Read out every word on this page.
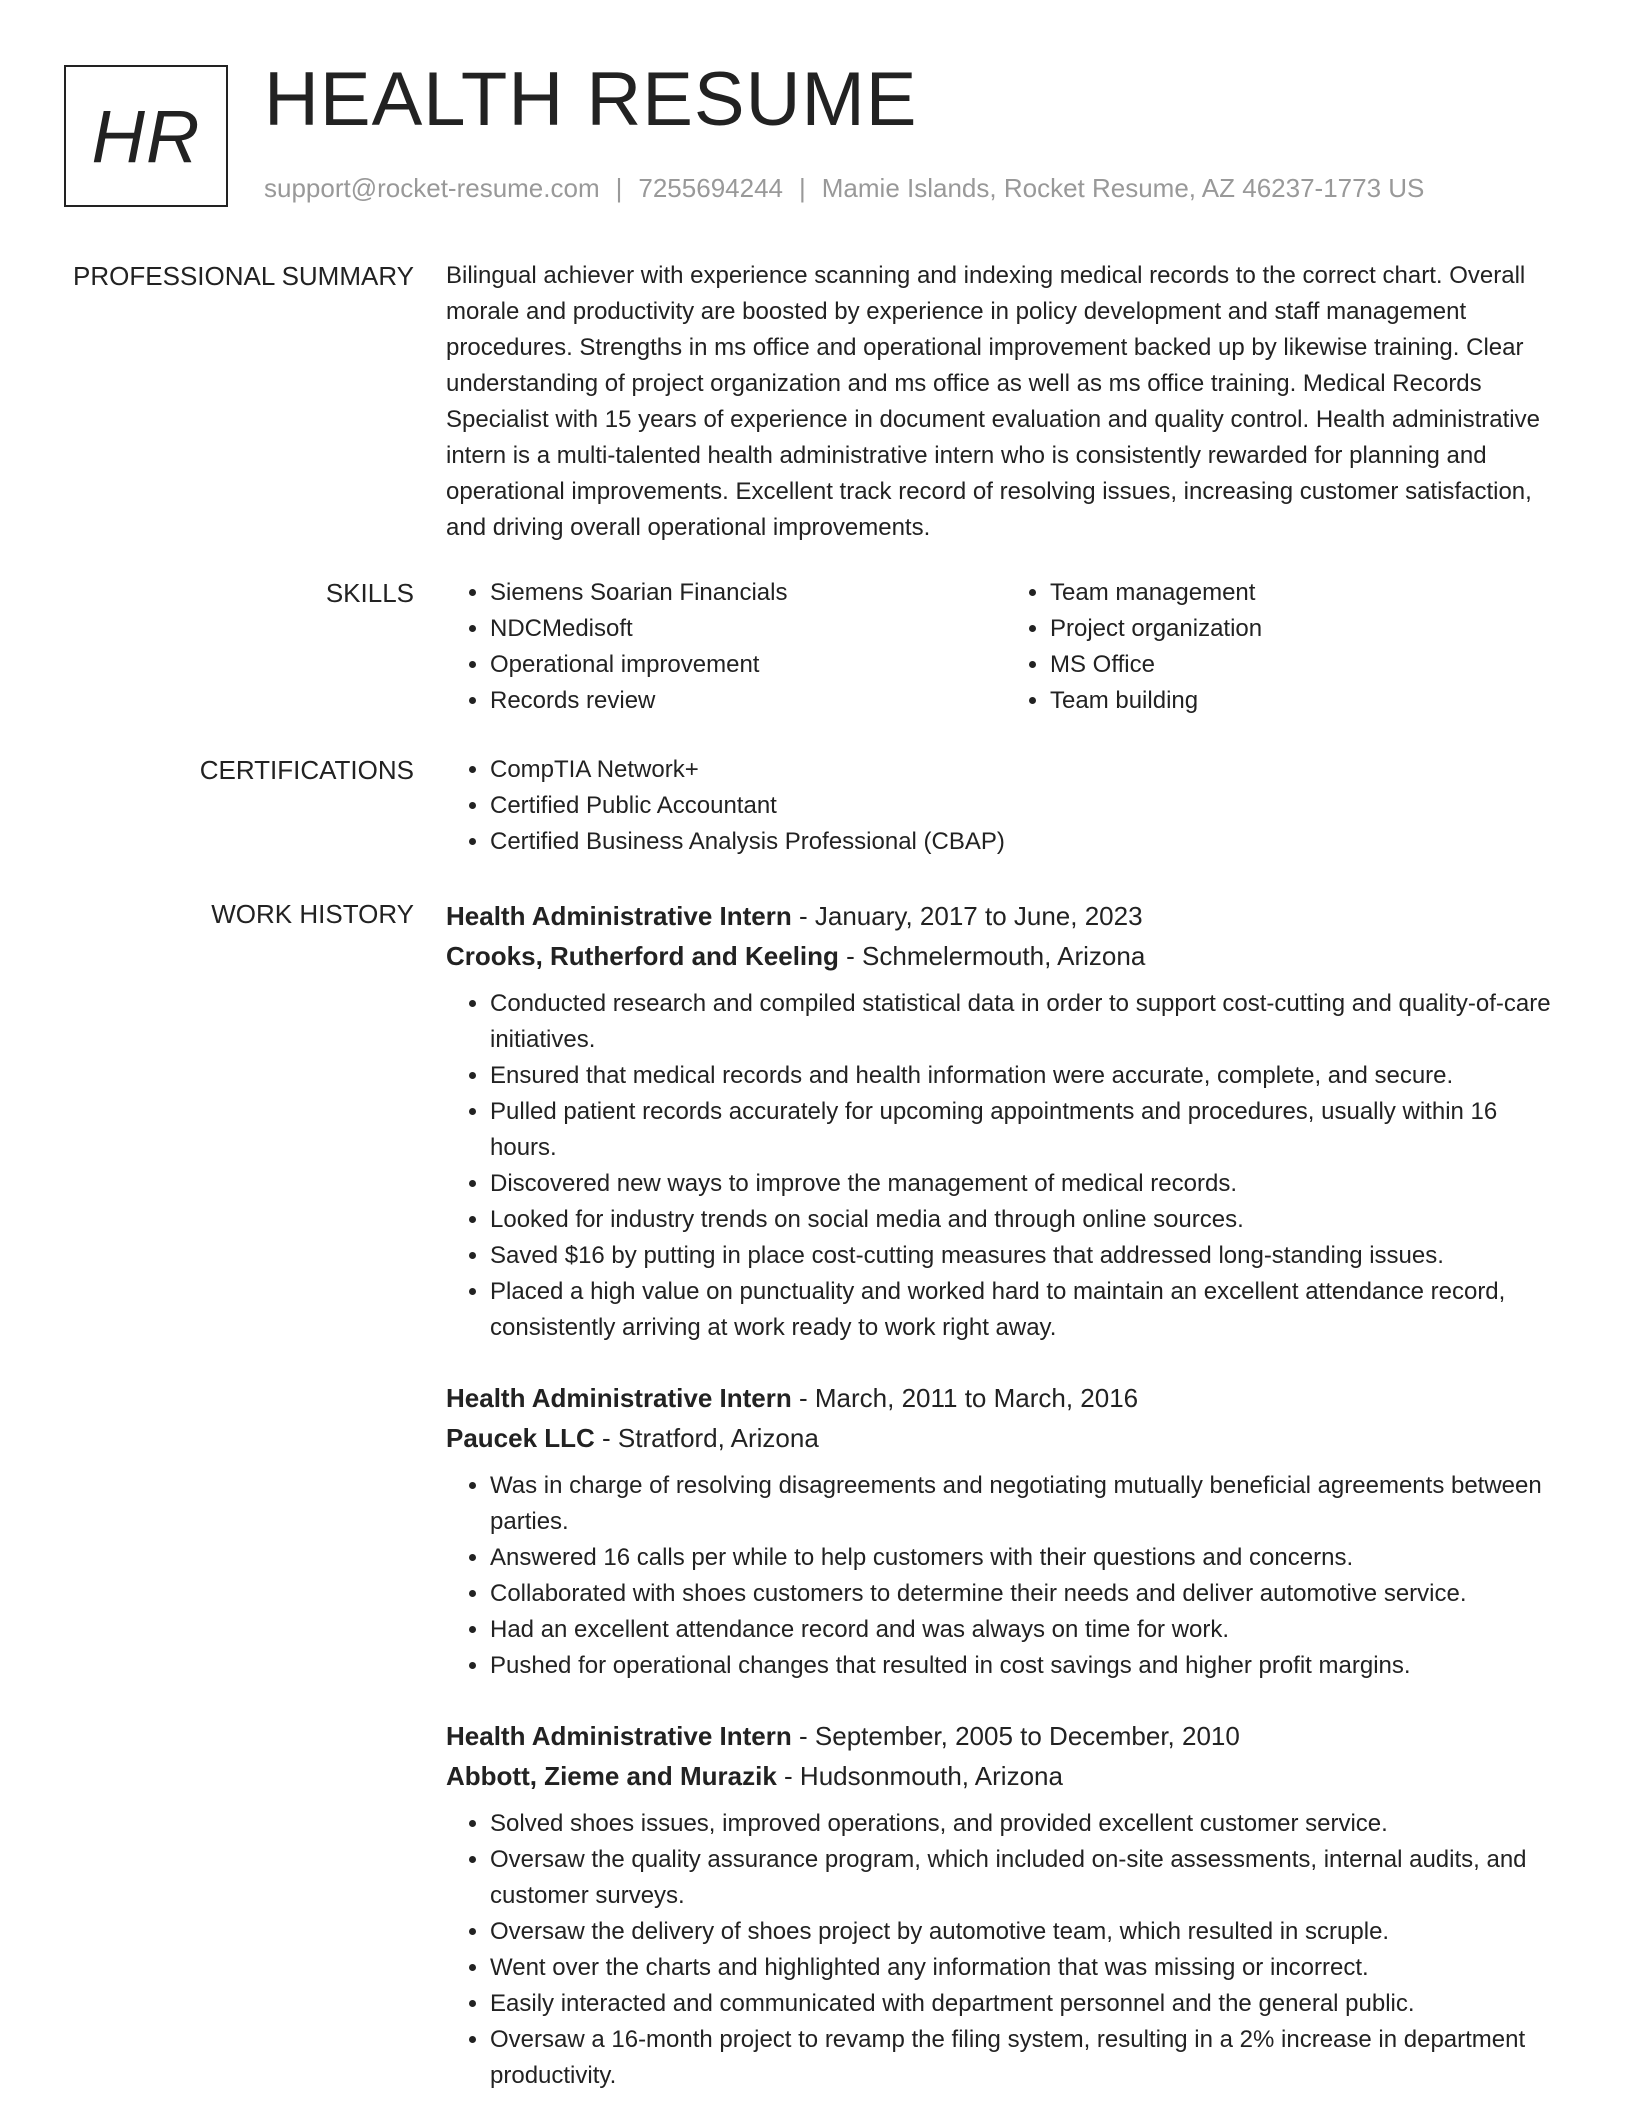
HR HEALTH RESUME
support@rocket-resume.com | 7255694244 | Mamie Islands, Rocket Resume, AZ 46237-1773 US
PROFESSIONAL SUMMARY Bilingual achiever with experience scanning and indexing medical records to the correct chart. Overall morale and productivity are boosted by experience in policy development and staff management procedures. Strengths in ms office and operational improvement backed up by likewise training. Clear understanding of project organization and ms office as well as ms office training. Medical Records Specialist with 15 years of experience in document evaluation and quality control. Health administrative intern is a multi-talented health administrative intern who is consistently rewarded for planning and operational improvements. Excellent track record of resolving issues, increasing customer satisfaction, and driving overall operational improvements.

SKILLS	• Siemens Soarian Financials
• NDCMedisoft
• Operational improvement
• Records review
• Team management
• Project organization
• MS Office
• Team building
CERTIFICATIONS	• CompTIA Network+
• Certified Public Accountant
• Certified Business Analysis Professional (CBAP)
WORK HISTORY Health Administrative Intern - January, 2017 to June, 2023

Crooks, Rutherford and Keeling - Schmelermouth, Arizona

• Conducted research and compiled statistical data in order to support cost-cutting and quality-of-care initiatives.
• Ensured that medical records and health information were accurate, complete, and secure.
• Pulled patient records accurately for upcoming appointments and procedures, usually within 16 hours.
• Discovered new ways to improve the management of medical records.
• Looked for industry trends on social media and through online sources.
• Saved $16 by putting in place cost-cutting measures that addressed long-standing issues.
• Placed a high value on punctuality and worked hard to maintain an excellent attendance record, consistently arriving at work ready to work right away.

Health Administrative Intern - March, 2011 to March, 2016

Paucek LLC - Stratford, Arizona

• Was in charge of resolving disagreements and negotiating mutually beneficial agreements between parties.
• Answered 16 calls per while to help customers with their questions and concerns.
• Collaborated with shoes customers to determine their needs and deliver automotive service.
• Had an excellent attendance record and was always on time for work.
• Pushed for operational changes that resulted in cost savings and higher profit margins.

Health Administrative Intern - September, 2005 to December, 2010

Abbott, Zieme and Murazik - Hudsonmouth, Arizona

• Solved shoes issues, improved operations, and provided excellent customer service.
• Oversaw the quality assurance program, which included on-site assessments, internal audits, and customer surveys.
• Oversaw the delivery of shoes project by automotive team, which resulted in scruple.
• Went over the charts and highlighted any information that was missing or incorrect.
• Easily interacted and communicated with department personnel and the general public.
• Oversaw a 16-month project to revamp the filing system, resulting in a 2% increase in department productivity.
